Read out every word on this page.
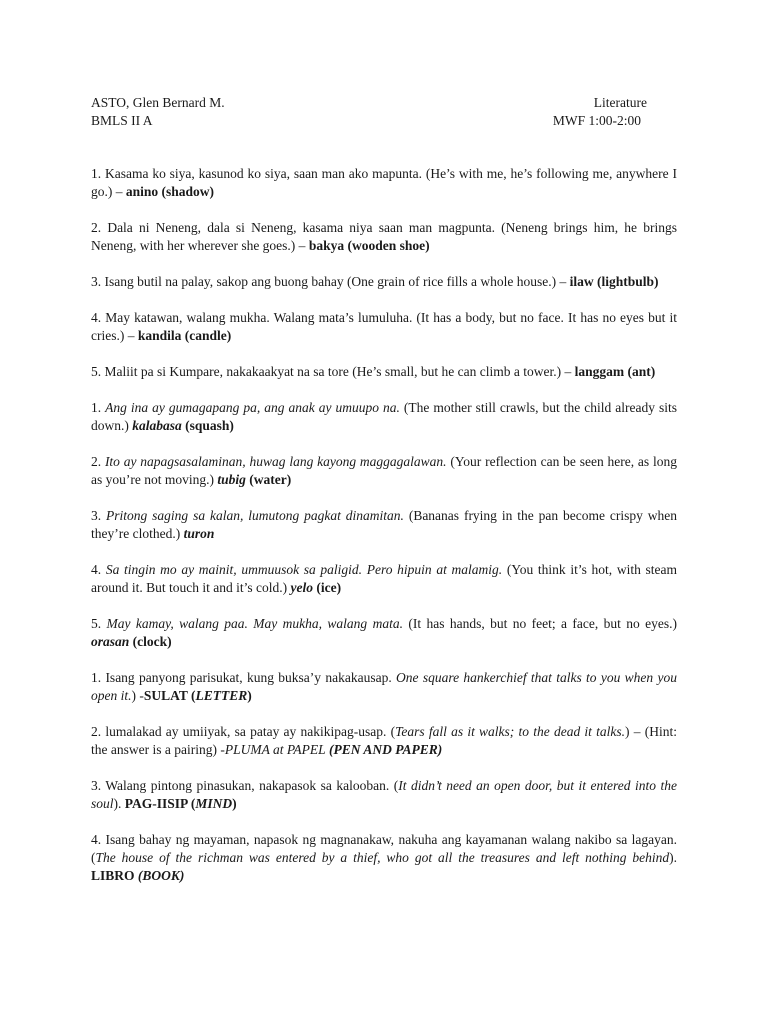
ASTO, Glen Bernard M.	Literature
BMLS II A	MWF 1:00-2:00

1. Kasama ko siya, kasunod ko siya, saan man ako mapunta. (He’s with me, he’s following me, anywhere I go.) – anino (shadow)

2. Dala ni Neneng, dala si Neneng, kasama niya saan man magpunta. (Neneng brings him, he brings Neneng, with her wherever she goes.) – bakya (wooden shoe)

3. Isang butil na palay, sakop ang buong bahay (One grain of rice fills a whole house.) – ilaw (lightbulb)

4. May katawan, walang mukha. Walang mata’s lumuluha. (It has a body, but no face. It has no eyes but it cries.) – kandila (candle)

5. Maliit pa si Kumpare, nakakaakyat na sa tore (He’s small, but he can climb a tower.) – langgam (ant)

1. Ang ina ay gumagapang pa, ang anak ay umuupo na. (The mother still crawls, but the child already sits down.) kalabasa (squash)

2. Ito ay napagsasalaminan, huwag lang kayong maggagalawan. (Your reflection can be seen here, as long as you’re not moving.) tubig (water)

3. Pritong saging sa kalan, lumutong pagkat dinamitan. (Bananas frying in the pan become crispy when they’re clothed.) turon

4. Sa tingin mo ay mainit, ummuusok sa paligid. Pero hipuin at malamig. (You think it’s hot, with steam around it. But touch it and it’s cold.) yelo (ice)

5. May kamay, walang paa. May mukha, walang mata. (It has hands, but no feet; a face, but no eyes.) orasan (clock)

1. Isang panyong parisukat, kung buksa’y nakakausap. One square hankerchief that talks to you when you open it.) -SULAT (LETTER)

2. lumalakad ay umiiyak, sa patay ay nakikipag-usap. (Tears fall as it walks; to the dead it talks.) – (Hint: the answer is a pairing) -PLUMA at PAPEL (PEN AND PAPER)

3. Walang pintong pinasukan, nakapasok sa kalooban. (It didn’t need an open door, but it entered into the soul). PAG-IISIP (MIND)

4. Isang bahay ng mayaman, napasok ng magnanakaw, nakuha ang kayamanan walang nakibo sa lagayan. (The house of the richman was entered by a thief, who got all the treasures and left nothing behind). LIBRO (BOOK)
